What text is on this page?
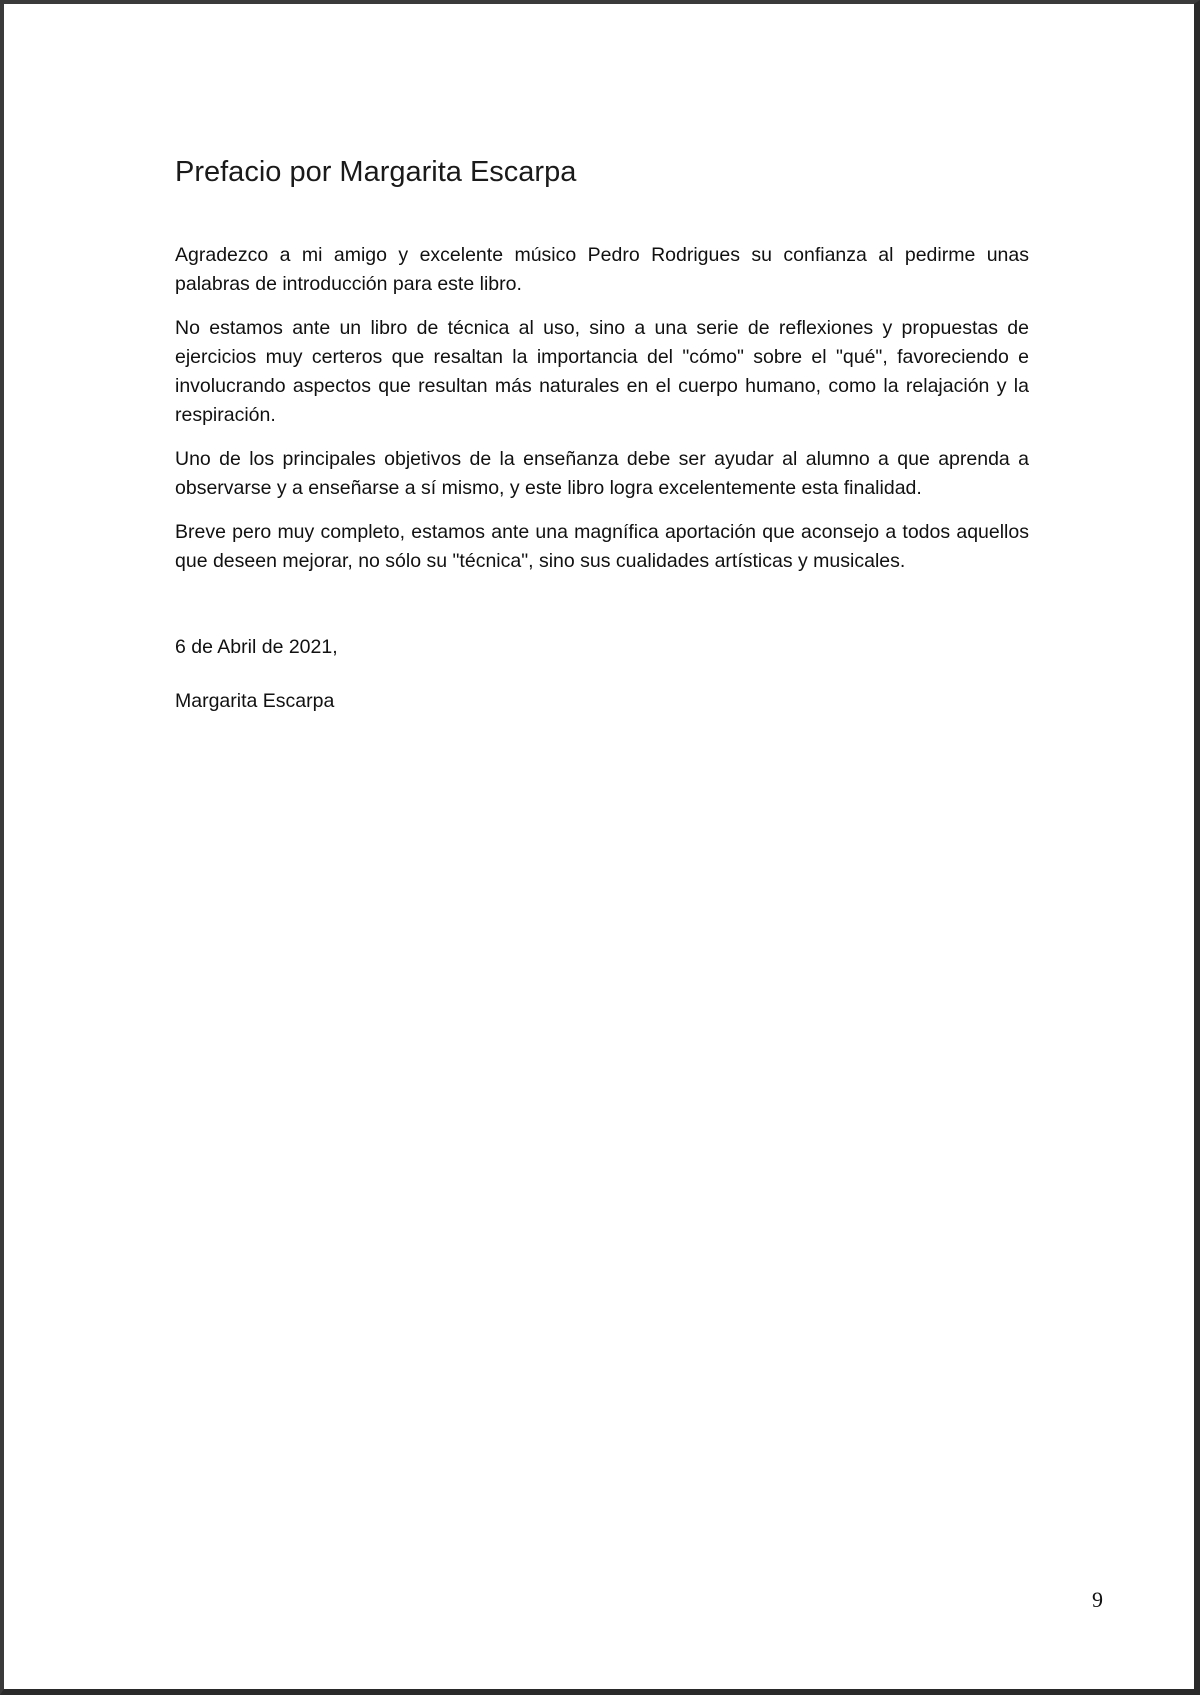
Prefacio por Margarita Escarpa

Agradezco a mi amigo y excelente músico Pedro Rodrigues su confianza al pedirme unas palabras de introducción para este libro.

No estamos ante un libro de técnica al uso, sino a una serie de reflexiones y propuestas de ejercicios muy certeros que resaltan la importancia del "cómo" sobre el "qué", favoreciendo e involucrando aspectos que resultan más naturales en el cuerpo humano, como la relajación y la respiración.

Uno de los principales objetivos de la enseñanza debe ser ayudar al alumno a que aprenda a observarse y a enseñarse a sí mismo, y este libro logra excelentemente esta finalidad.

Breve pero muy completo, estamos ante una magnífica aportación que aconsejo a todos aquellos que deseen mejorar, no sólo su "técnica", sino sus cualidades artísticas y musicales.

6 de Abril de 2021,

Margarita Escarpa

9
